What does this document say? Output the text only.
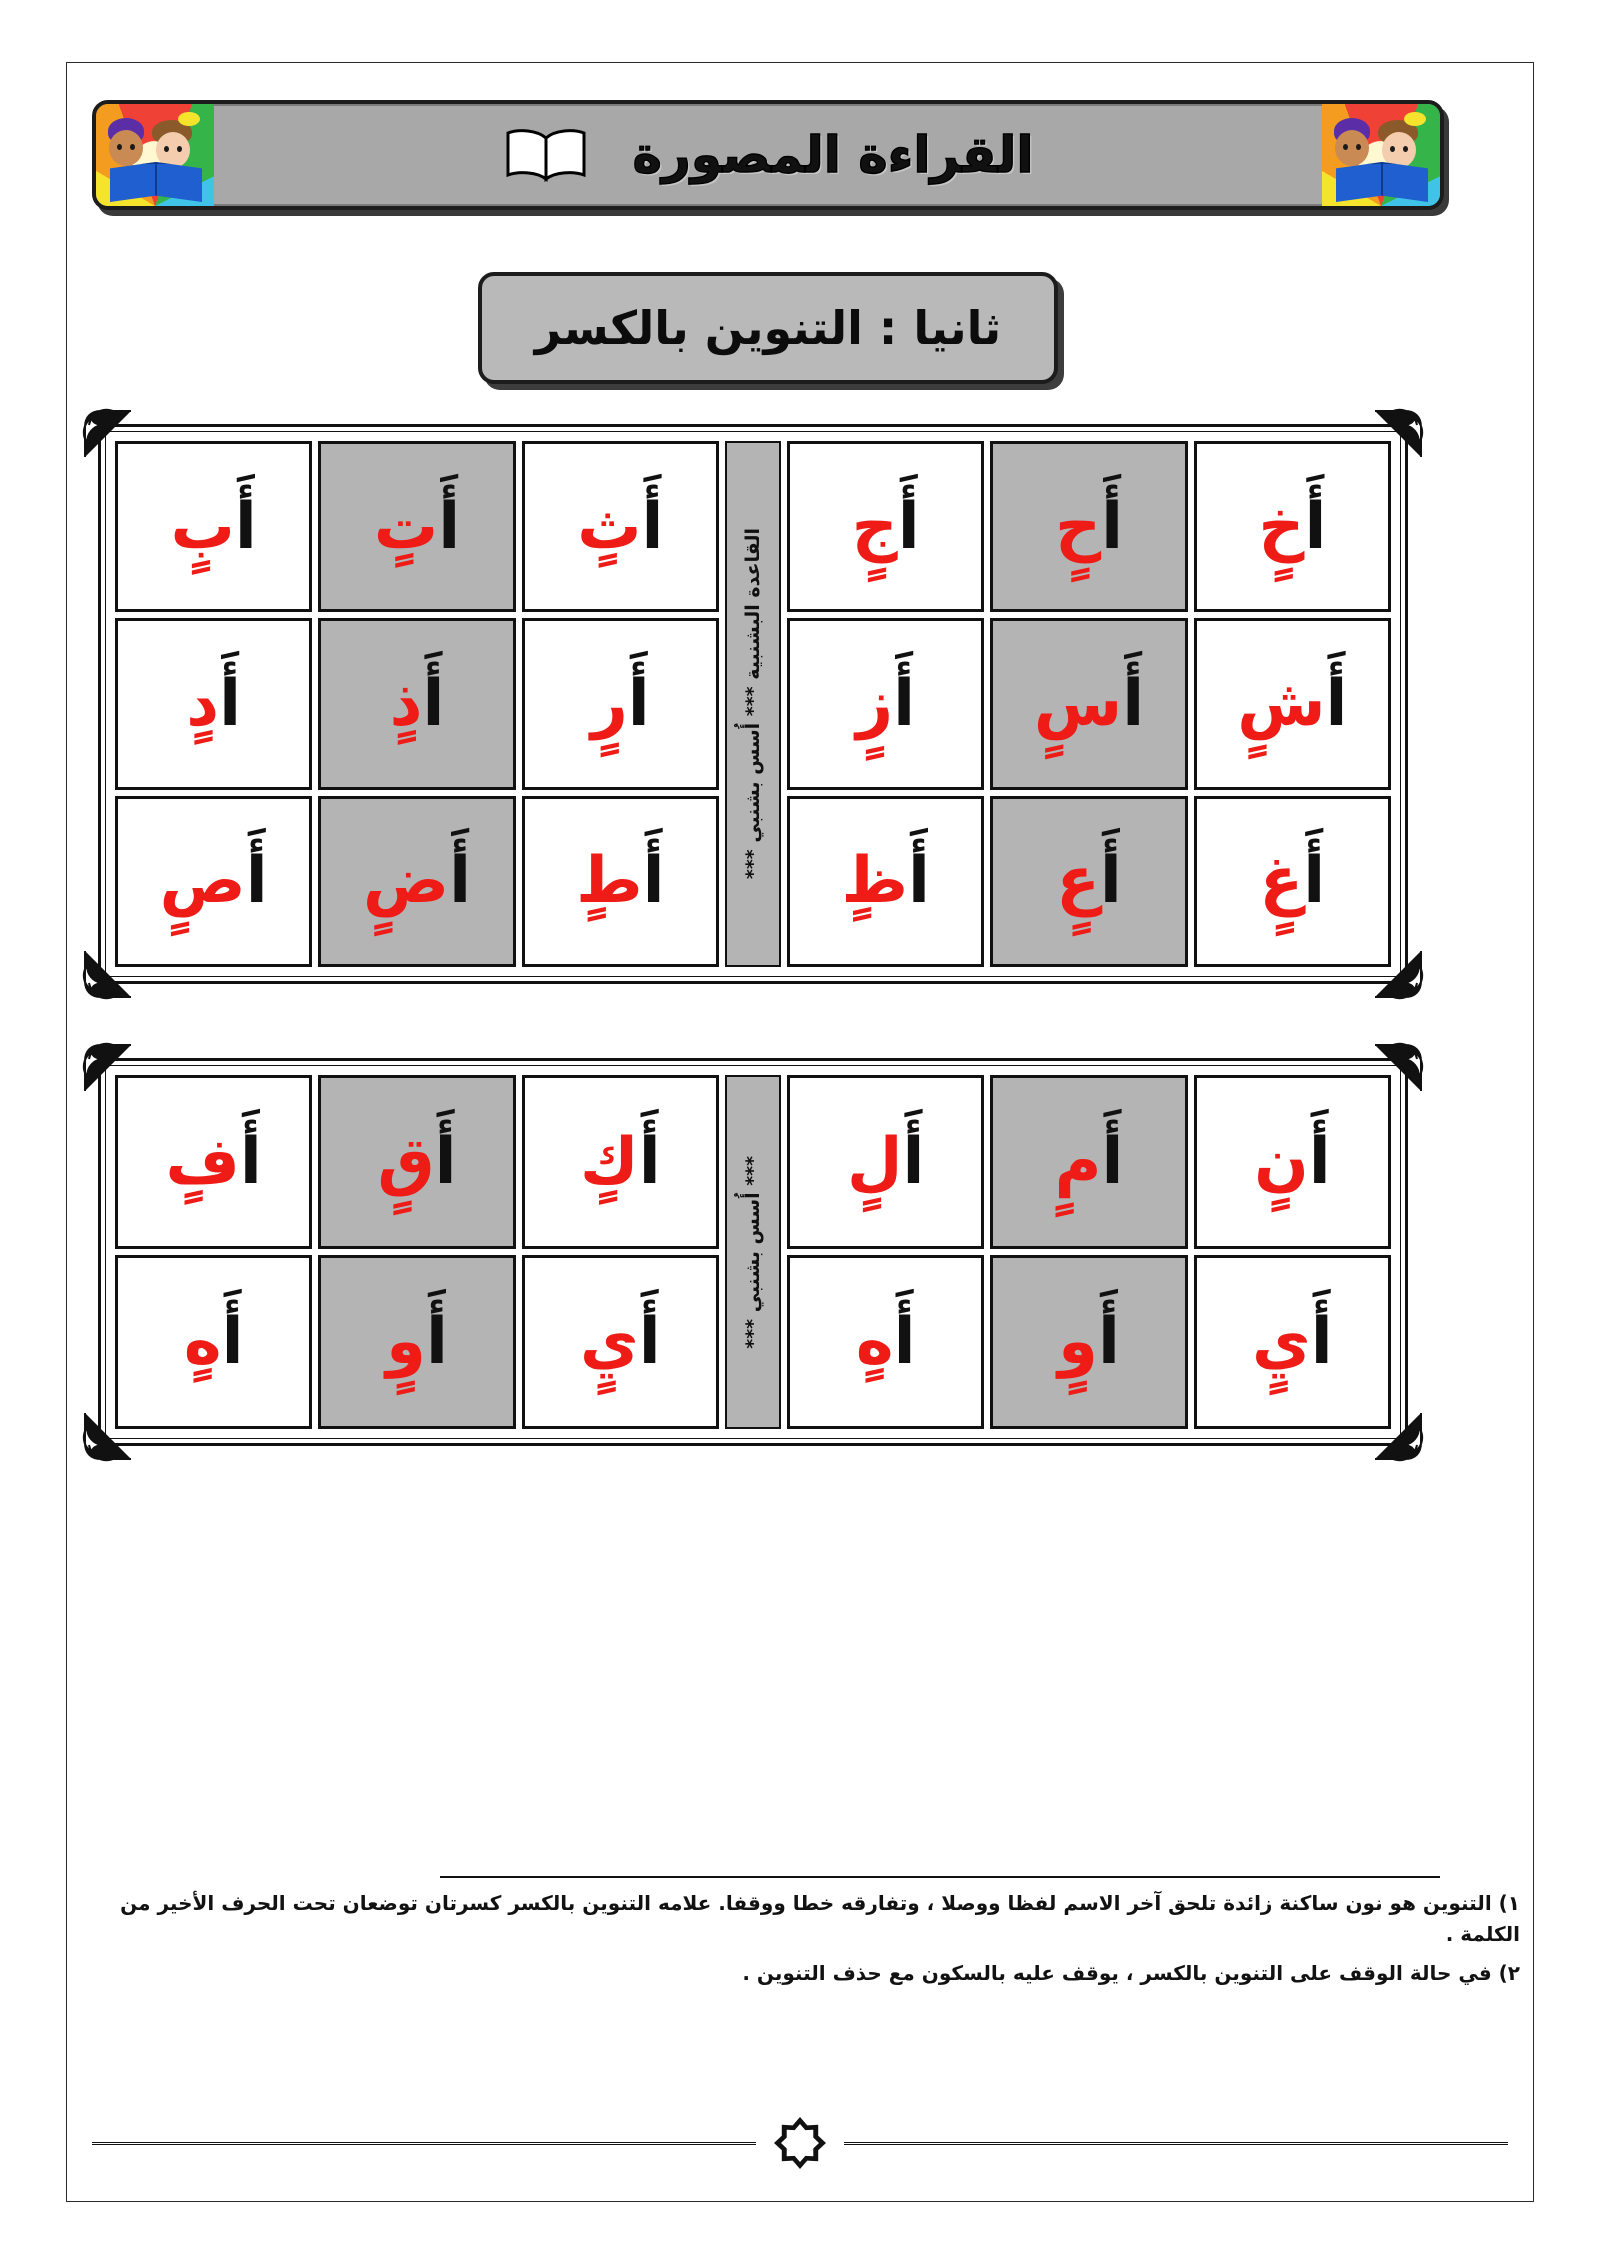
القراءة المصورة
ثانيا : التنوين بالكسر
أَخٍ
أَحٍ
أَجٍ
القاعدة البشنبية *** أُسس بشنبي ***
أَثٍ
أَتٍ
أَبٍ
أَشٍ
أَسٍ
أَزٍ
أَرٍ
أَذٍ
أَدٍ
أَغٍ
أَعٍ
أَظٍ
أَطٍ
أَضٍ
أَصٍ
أَنٍ
أَمٍ
أَلٍ
*** أُسس بشنبي ***
أَكٍ
أَقٍ
أَفٍ
أَيٍ
أَوٍ
أَهٍ
أَيٍ
أَوٍ
أَهٍ

١) التنوين هو نون ساكنة زائدة تلحق آخر الاسم لفظا ووصلا ، وتفارقه خطا ووقفا. علامه التنوين بالكسر كسرتان توضعان تحت الحرف الأخير من الكلمة .

٢) في حالة الوقف على التنوين بالكسر ، يوقف عليه بالسكون مع حذف التنوين .
